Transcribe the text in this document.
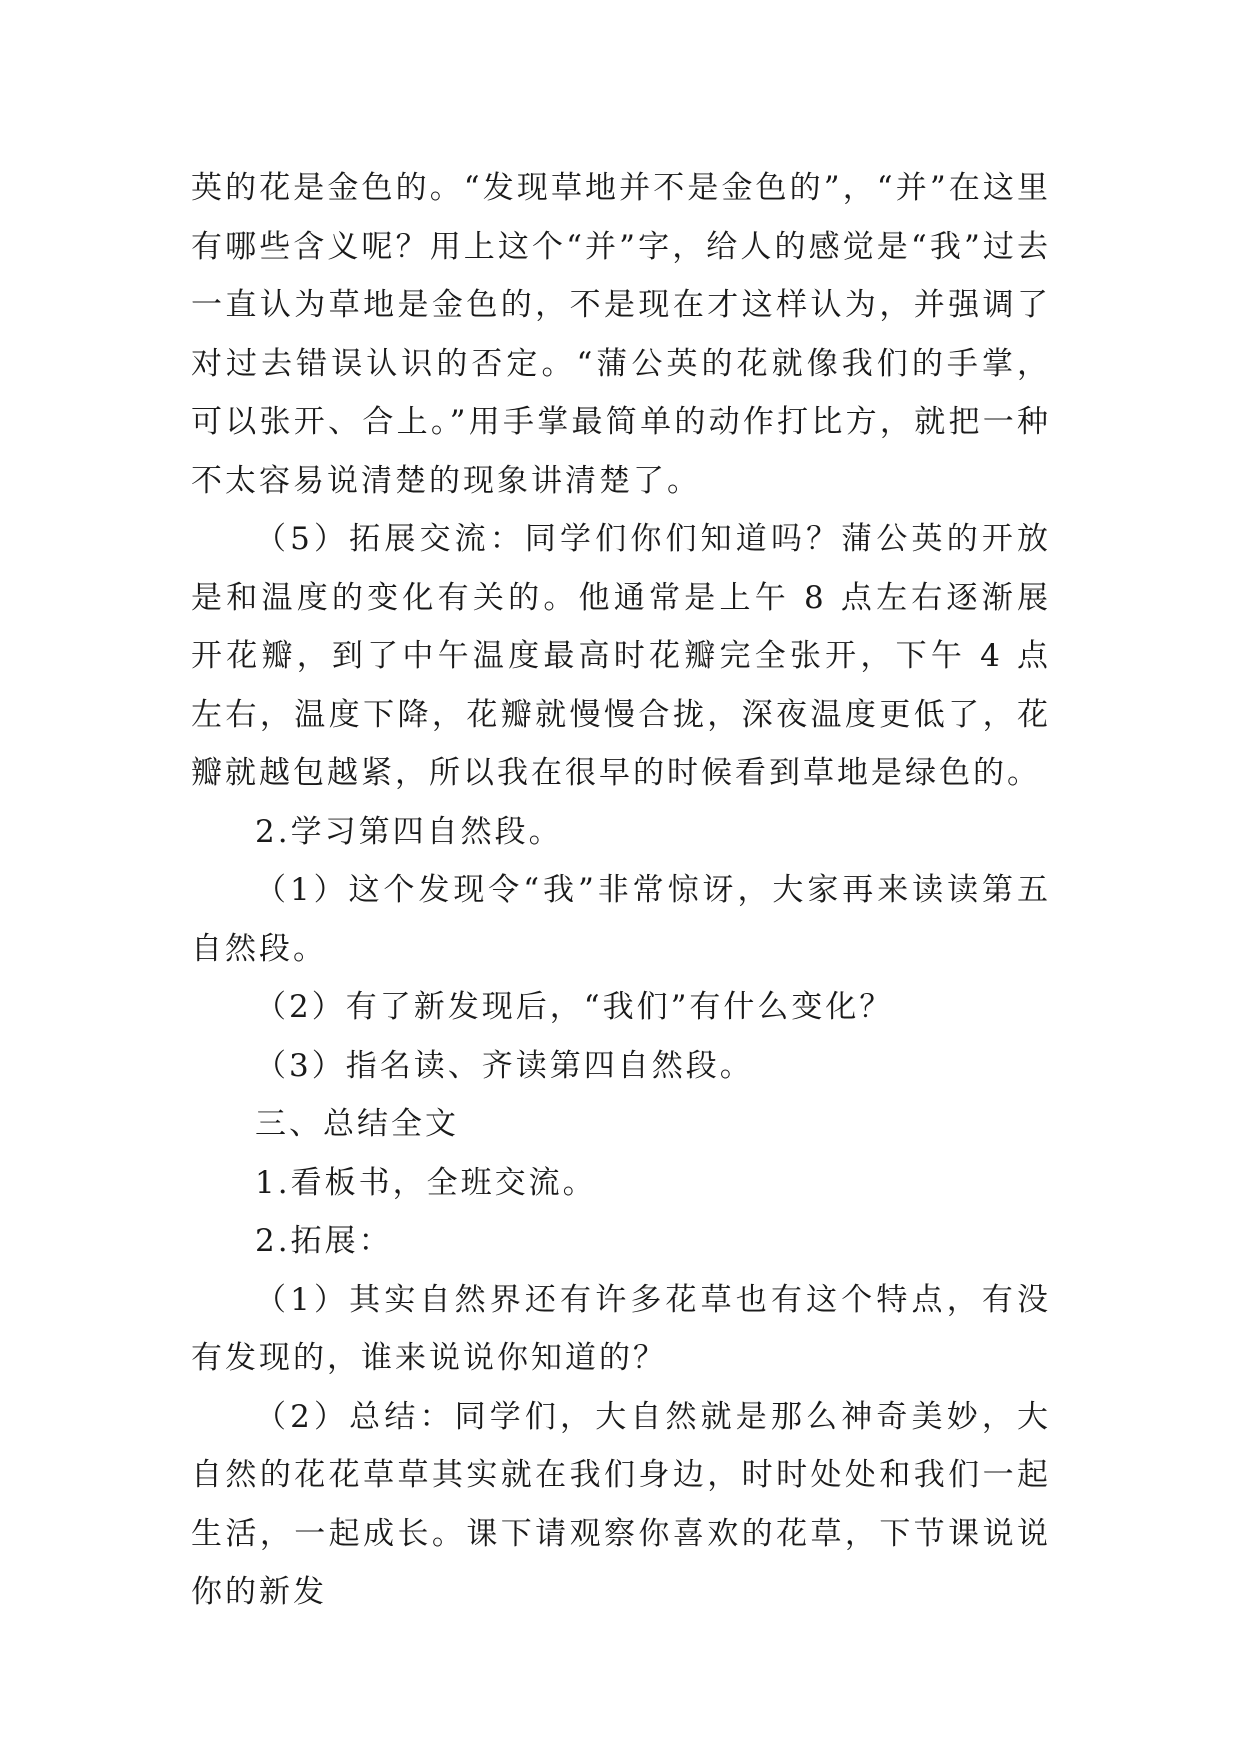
英的花是金色的。“发现草地并不是金色的”，“并”在这里有哪些含义呢？用上这个“并”字，给人的感觉是“我”过去一直认为草地是金色的，不是现在才这样认为，并强调了对过去错误认识的否定。“蒲公英的花就像我们的手掌，可以张开、合上。”用手掌最简单的动作打比方，就把一种不太容易说清楚的现象讲清楚了。

（5）拓展交流：同学们你们知道吗？蒲公英的开放是和温度的变化有关的。他通常是上午 8 点左右逐渐展开花瓣，到了中午温度最高时花瓣完全张开，下午 4 点左右，温度下降，花瓣就慢慢合拢，深夜温度更低了，花瓣就越包越紧，所以我在很早的时候看到草地是绿色的。

2.学习第四自然段。

（1）这个发现令“我”非常惊讶，大家再来读读第五自然段。

（2）有了新发现后，“我们”有什么变化？

（3）指名读、齐读第四自然段。

三、总结全文

1.看板书，全班交流。

2.拓展：

（1）其实自然界还有许多花草也有这个特点，有没有发现的，谁来说说你知道的？

（2）总结：同学们，大自然就是那么神奇美妙，大自然的花花草草其实就在我们身边，时时处处和我们一起生活，一起成长。课下请观察你喜欢的花草，下节课说说你的新发
